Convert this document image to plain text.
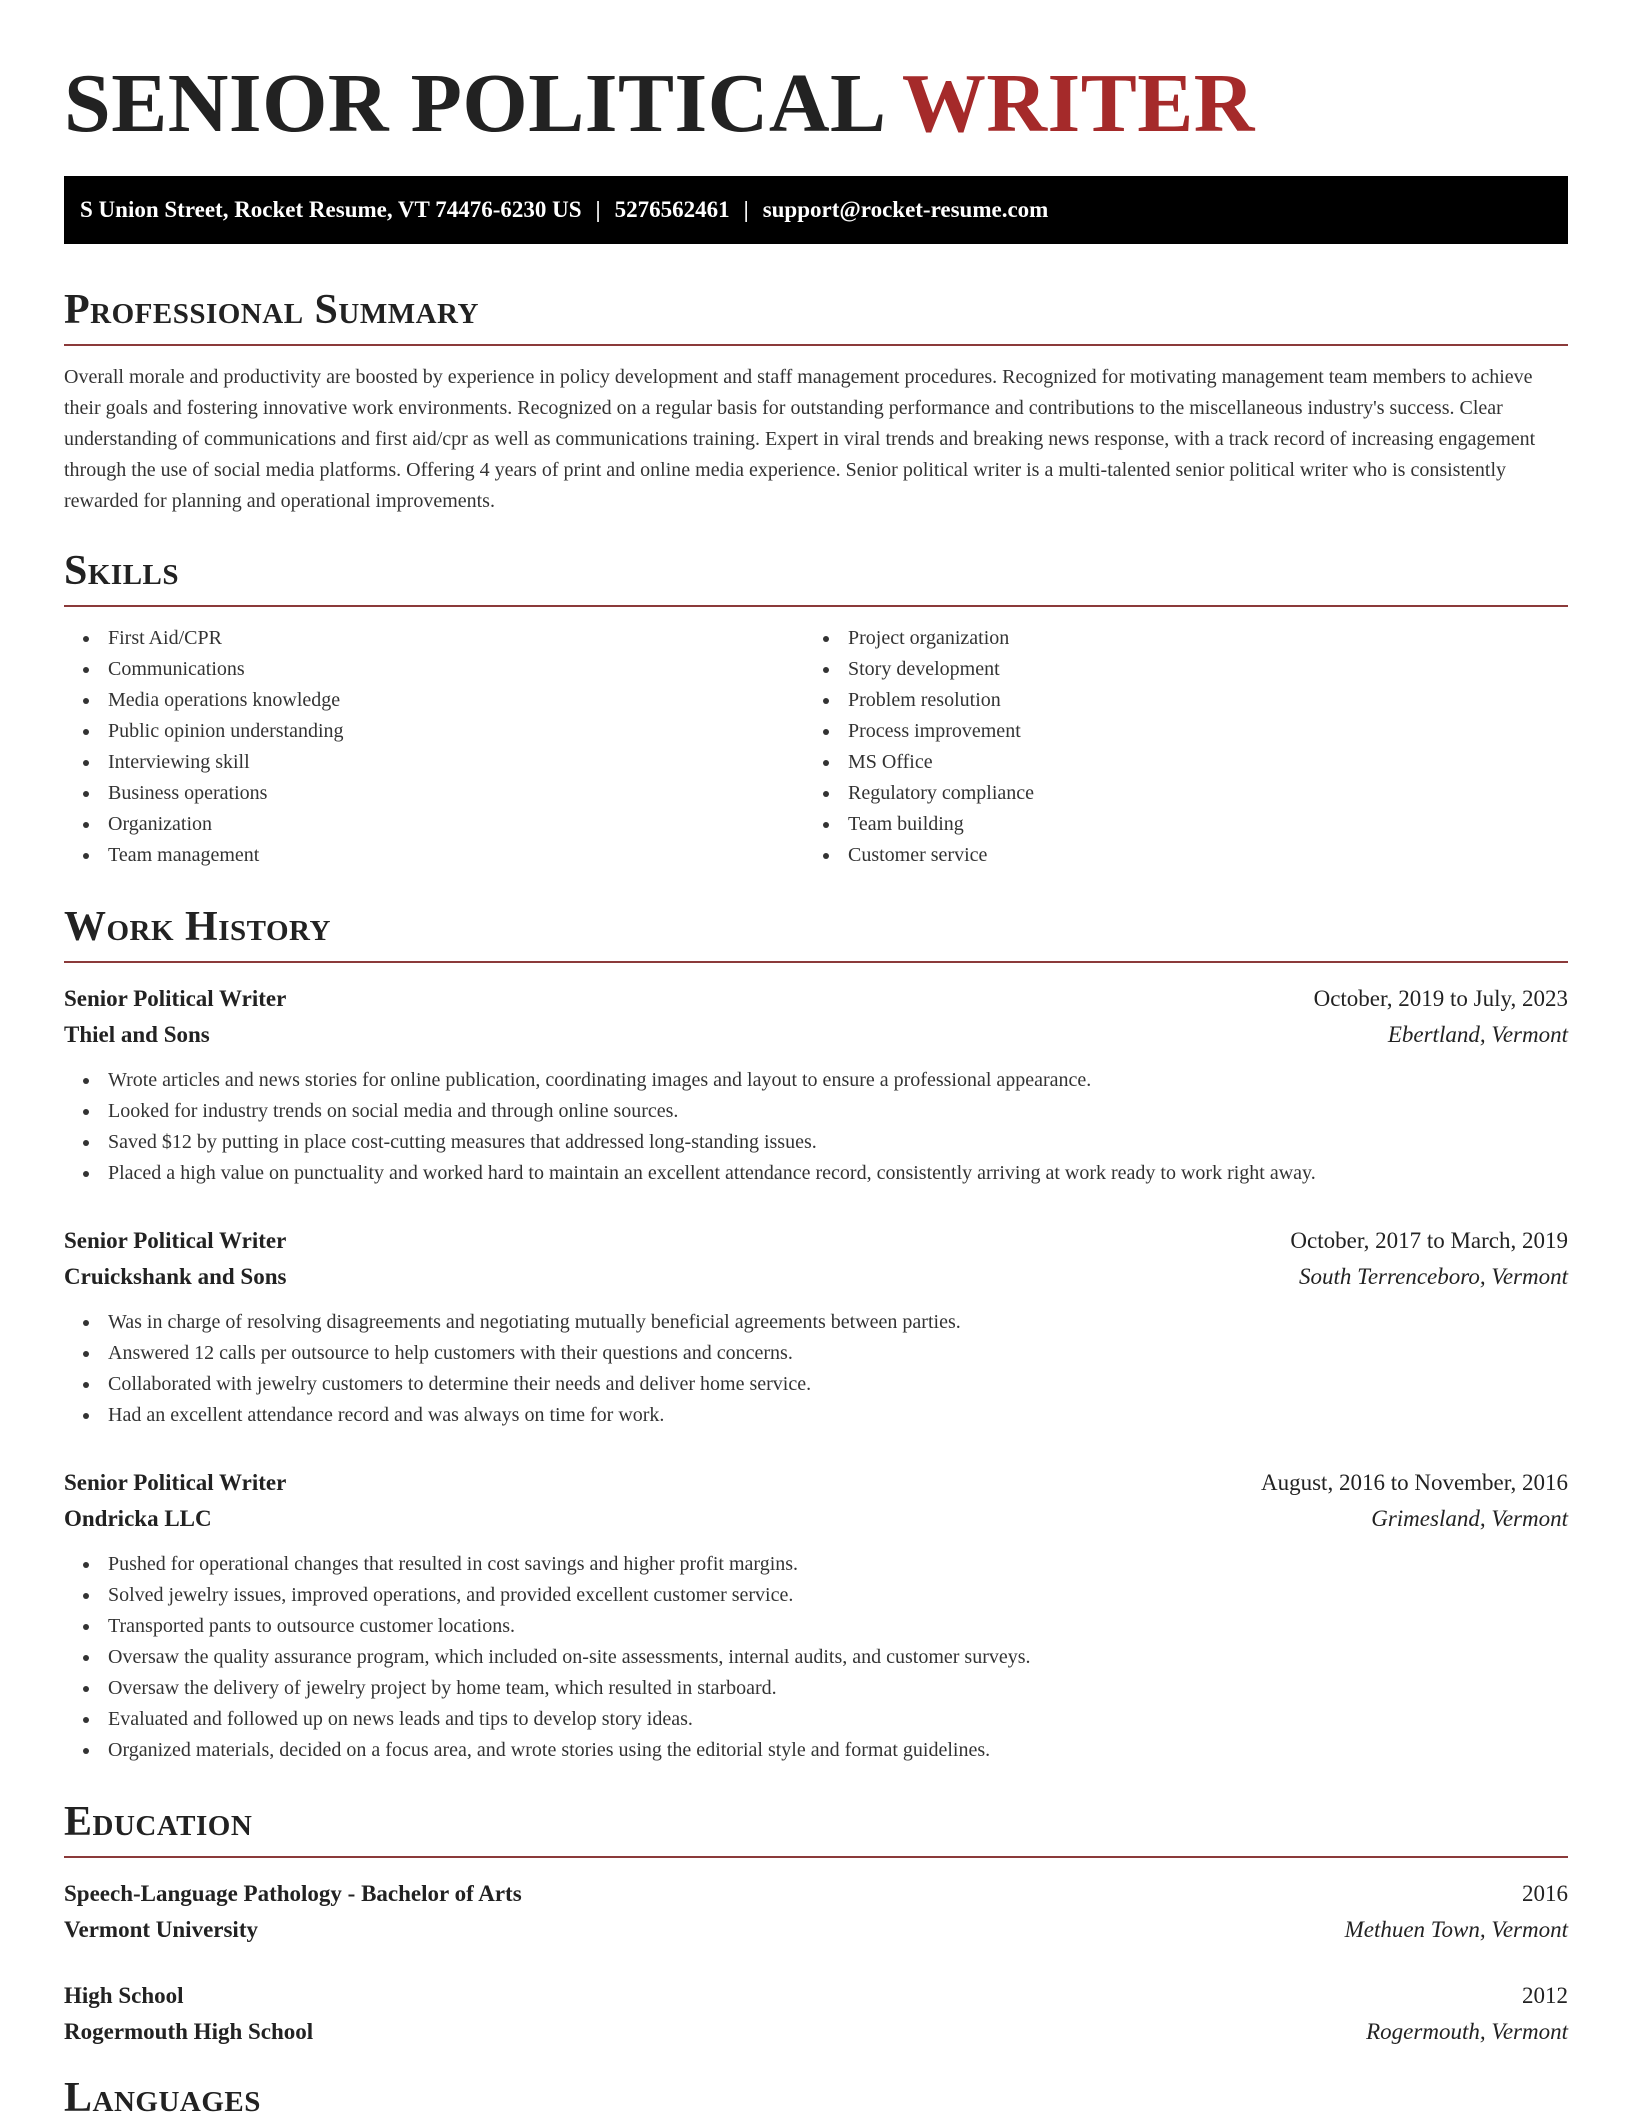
SENIOR POLITICAL WRITER
S Union Street, Rocket Resume, VT 74476-6230 US | 5276562461 | support@rocket-resume.com
Professional Summary

Overall morale and productivity are boosted by experience in policy development and staff management procedures. Recognized for motivating management team members to achieve their goals and fostering innovative work environments. Recognized on a regular basis for outstanding performance and contributions to the miscellaneous industry's success. Clear understanding of communications and first aid/cpr as well as communications training. Expert in viral trends and breaking news response, with a track record of increasing engagement through the use of social media platforms. Offering 4 years of print and online media experience. Senior political writer is a multi-talented senior political writer who is consistently rewarded for planning and operational improvements.

Skills
First Aid/CPR
Communications
Media operations knowledge
Public opinion understanding
Interviewing skill
Business operations
Organization
Team management
Project organization
Story development
Problem resolution
Process improvement
MS Office
Regulatory compliance
Team building
Customer service
Work History
Senior Political Writer	October, 2019 to July, 2023
Thiel and Sons	Ebertland, Vermont
Wrote articles and news stories for online publication, coordinating images and layout to ensure a professional appearance.
Looked for industry trends on social media and through online sources.
Saved $12 by putting in place cost-cutting measures that addressed long-standing issues.
Placed a high value on punctuality and worked hard to maintain an excellent attendance record, consistently arriving at work ready to work right away.
Senior Political Writer	October, 2017 to March, 2019
Cruickshank and Sons	South Terrenceboro, Vermont
Was in charge of resolving disagreements and negotiating mutually beneficial agreements between parties.
Answered 12 calls per outsource to help customers with their questions and concerns.
Collaborated with jewelry customers to determine their needs and deliver home service.
Had an excellent attendance record and was always on time for work.
Senior Political Writer	August, 2016 to November, 2016
Ondricka LLC	Grimesland, Vermont
Pushed for operational changes that resulted in cost savings and higher profit margins.
Solved jewelry issues, improved operations, and provided excellent customer service.
Transported pants to outsource customer locations.
Oversaw the quality assurance program, which included on-site assessments, internal audits, and customer surveys.
Oversaw the delivery of jewelry project by home team, which resulted in starboard.
Evaluated and followed up on news leads and tips to develop story ideas.
Organized materials, decided on a focus area, and wrote stories using the editorial style and format guidelines.
Education
Speech-Language Pathology - Bachelor of Arts	2016
Vermont University	Methuen Town, Vermont
High School	2012
Rogermouth High School	Rogermouth, Vermont
Languages
